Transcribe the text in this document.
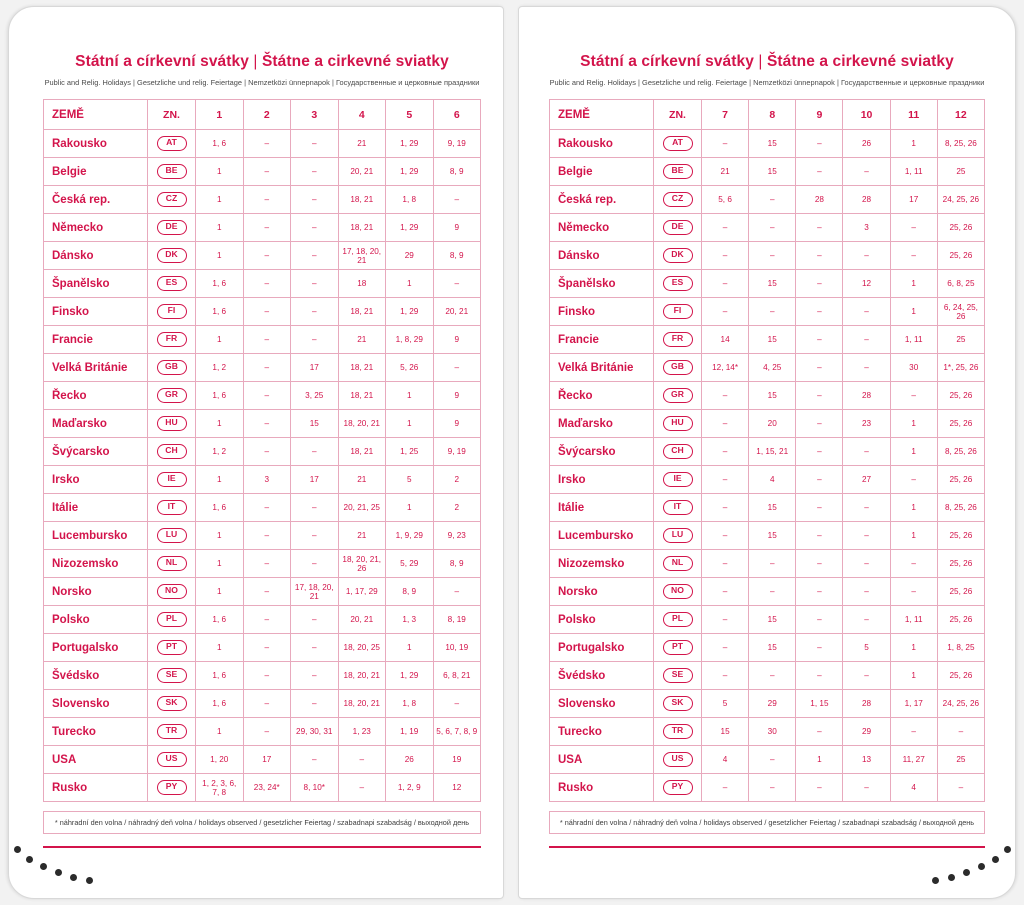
Státní a církevní svátky | Štátne a cirkevné sviatky
Public and Relig. Holidays | Gesetzliche und relig. Feiertage | Nemzetközi ünnepnapok | Государственные и церковные праздники
ZEMĚ	ZN.	1	2	3	4	5	6
Rakousko	AT	1, 6	–	–	21	1, 29	9, 19
Belgie	BE	1	–	–	20, 21	1, 29	8, 9
Česká rep.	CZ	1	–	–	18, 21	1, 8	–
Německo	DE	1	–	–	18, 21	1, 29	9
Dánsko	DK	1	–	–	17, 18, 20, 21	29	8, 9
Španělsko	ES	1, 6	–	–	18	1	–
Finsko	FI	1, 6	–	–	18, 21	1, 29	20, 21
Francie	FR	1	–	–	21	1, 8, 29	9
Velká Británie	GB	1, 2	–	17	18, 21	5, 26	–
Řecko	GR	1, 6	–	3, 25	18, 21	1	9
Maďarsko	HU	1	–	15	18, 20, 21	1	9
Švýcarsko	CH	1, 2	–	–	18, 21	1, 25	9, 19
Irsko	IE	1	3	17	21	5	2
Itálie	IT	1, 6	–	–	20, 21, 25	1	2
Lucembursko	LU	1	–	–	21	1, 9, 29	9, 23
Nizozemsko	NL	1	–	–	18, 20, 21, 26	5, 29	8, 9
Norsko	NO	1	–	17, 18, 20, 21	1, 17, 29	8, 9	–
Polsko	PL	1, 6	–	–	20, 21	1, 3	8, 19
Portugalsko	PT	1	–	–	18, 20, 25	1	10, 19
Švédsko	SE	1, 6	–	–	18, 20, 21	1, 29	6, 8, 21
Slovensko	SK	1, 6	–	–	18, 20, 21	1, 8	–
Turecko	TR	1	–	29, 30, 31	1, 23	1, 19	5, 6, 7, 8, 9
USA	US	1, 20	17	–	–	26	19
Rusko	PY	1, 2, 3, 6, 7, 8	23, 24*	8, 10*	–	1, 2, 9	12
* náhradní den volna / náhradný deň volna / holidays observed / gesetzlicher Feiertag / szabadnapi szabadság / выходной день
Státní a církevní svátky | Štátne a cirkevné sviatky
Public and Relig. Holidays | Gesetzliche und relig. Feiertage | Nemzetközi ünnepnapok | Государственные и церковные праздники
ZEMĚ	ZN.	7	8	9	10	11	12
Rakousko	AT	–	15	–	26	1	8, 25, 26
Belgie	BE	21	15	–	–	1, 11	25
Česká rep.	CZ	5, 6	–	28	28	17	24, 25, 26
Německo	DE	–	–	–	3	–	25, 26
Dánsko	DK	–	–	–	–	–	25, 26
Španělsko	ES	–	15	–	12	1	6, 8, 25
Finsko	FI	–	–	–	–	1	6, 24, 25, 26
Francie	FR	14	15	–	–	1, 11	25
Velká Británie	GB	12, 14*	4, 25	–	–	30	1*, 25, 26
Řecko	GR	–	15	–	28	–	25, 26
Maďarsko	HU	–	20	–	23	1	25, 26
Švýcarsko	CH	–	1, 15, 21	–	–	1	8, 25, 26
Irsko	IE	–	4	–	27	–	25, 26
Itálie	IT	–	15	–	–	1	8, 25, 26
Lucembursko	LU	–	15	–	–	1	25, 26
Nizozemsko	NL	–	–	–	–	–	25, 26
Norsko	NO	–	–	–	–	–	25, 26
Polsko	PL	–	15	–	–	1, 11	25, 26
Portugalsko	PT	–	15	–	5	1	1, 8, 25
Švédsko	SE	–	–	–	–	1	25, 26
Slovensko	SK	5	29	1, 15	28	1, 17	24, 25, 26
Turecko	TR	15	30	–	29	–	–
USA	US	4	–	1	13	11, 27	25
Rusko	PY	–	–	–	–	4	–
* náhradní den volna / náhradný deň volna / holidays observed / gesetzlicher Feiertag / szabadnapi szabadság / выходной день
